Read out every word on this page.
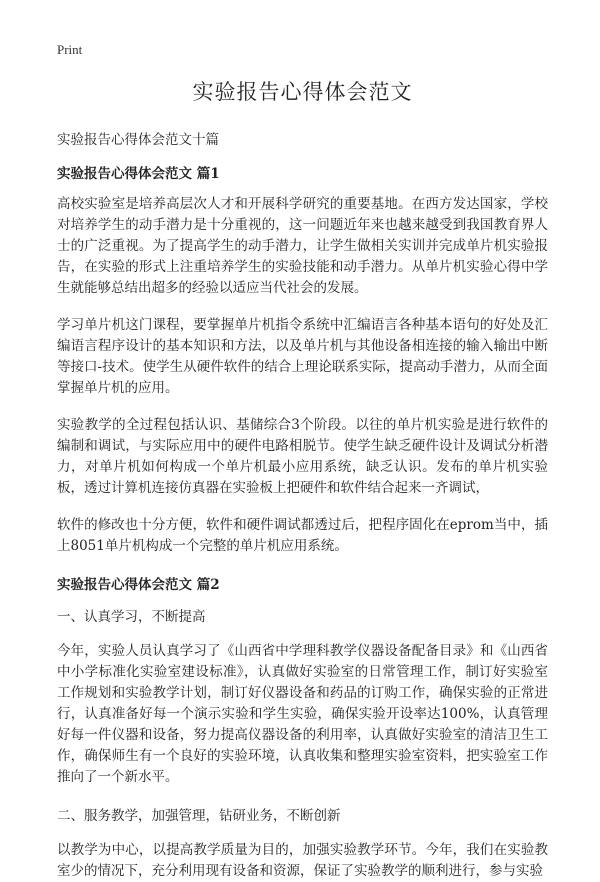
Print
实验报告心得体会范文

实验报告心得体会范文十篇

实验报告心得体会范文 篇1

高校实验室是培养高层次人才和开展科学研究的重要基地。在西方发达国家，学校对培养学生的动手潜力是十分重视的，这一问题近年来也越来越受到我国教育界人士的广泛重视。为了提高学生的动手潜力，让学生做相关实训并完成单片机实验报告，在实验的形式上注重培养学生的实验技能和动手潜力。从单片机实验心得中学生就能够总结出超多的经验以适应当代社会的发展。

学习单片机这门课程，要掌握单片机指令系统中汇编语言各种基本语句的好处及汇编语言程序设计的基本知识和方法，以及单片机与其他设备相连接的输入输出中断等接口-技术。使学生从硬件软件的结合上理论联系实际，提高动手潜力，从而全面掌握单片机的应用。

实验教学的全过程包括认识、基储综合3个阶段。以往的单片机实验是进行软件的编制和调试，与实际应用中的硬件电路相脱节。使学生缺乏硬件设计及调试分析潜力，对单片机如何构成一个单片机最小应用系统，缺乏认识。发布的单片机实验板，透过计算机连接仿真器在实验板上把硬件和软件结合起来一齐调试，

软件的修改也十分方便，软件和硬件调试都透过后，把程序固化在eprom当中，插上8051单片机构成一个完整的单片机应用系统。

实验报告心得体会范文 篇2

一、认真学习，不断提高

今年，实验人员认真学习了《山西省中学理科教学仪器设备配备目录》和《山西省中小学标准化实验室建设标准》，认真做好实验室的日常管理工作，制订好实验室工作规划和实验教学计划，制订好仪器设备和药品的订购工作，确保实验的正常进行，认真准备好每一个演示实验和学生实验，确保实验开设率达100%，认真管理好每一件仪器和设备，努力提高仪器设备的利用率，认真做好实验室的清洁卫生工作，确保师生有一个良好的实验环境，认真收集和整理实验室资料，把实验室工作推向了一个新水平。

二、服务教学，加强管理，钻研业务，不断创新

以教学为中心，以提高教学质量为目的，加强实验教学环节。今年，我们在实验教室少的情况下，充分利用现有设备和资源，保证了实验教学的顺利进行，参与实验
